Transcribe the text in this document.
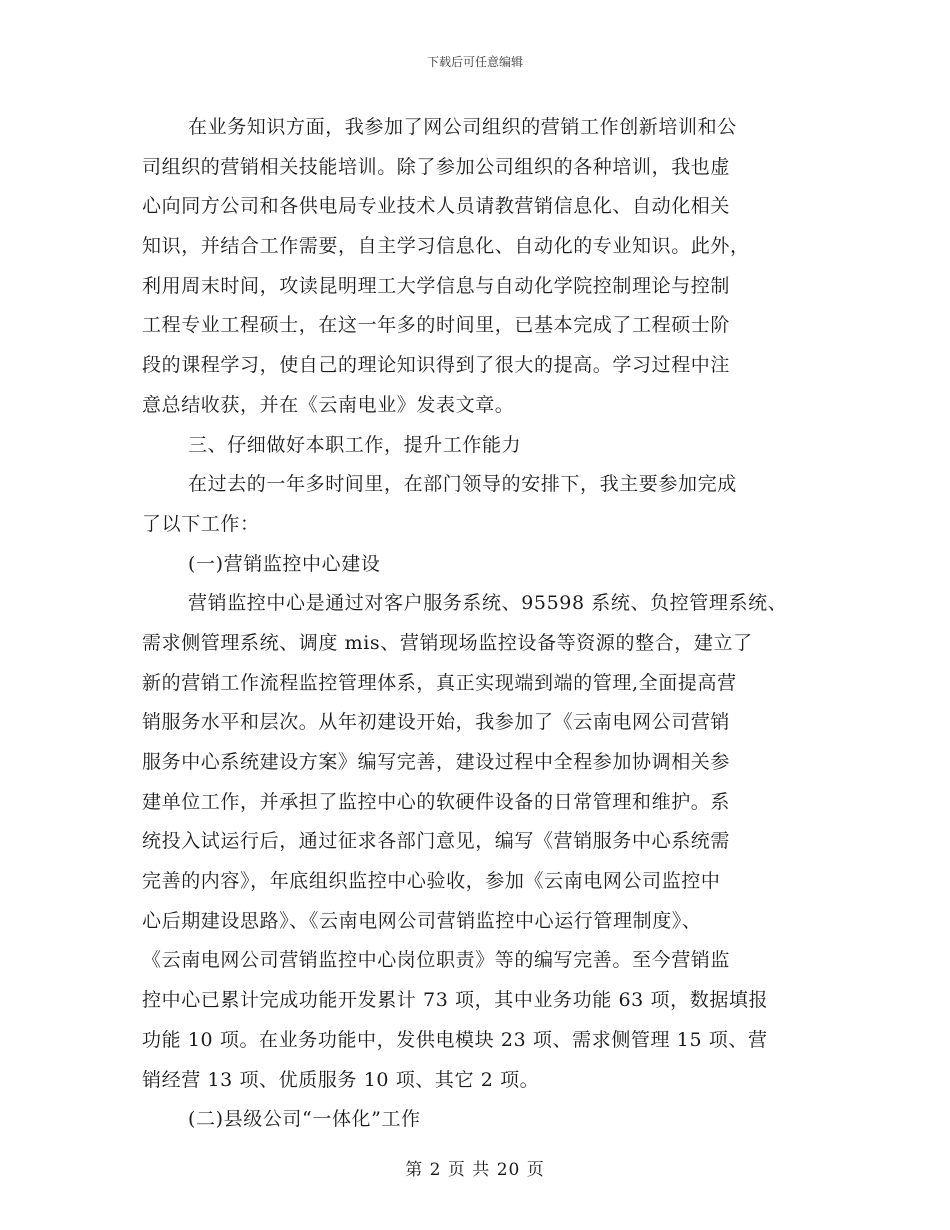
下载后可任意编辑
在业务知识方面，我参加了网公司组织的营销工作创新培训和公
司组织的营销相关技能培训。除了参加公司组织的各种培训，我也虚
心向同方公司和各供电局专业技术人员请教营销信息化、自动化相关
知识，并结合工作需要，自主学习信息化、自动化的专业知识。此外，
利用周末时间，攻读昆明理工大学信息与自动化学院控制理论与控制
工程专业工程硕士，在这一年多的时间里，已基本完成了工程硕士阶
段的课程学习，使自己的理论知识得到了很大的提高。学习过程中注
意总结收获，并在《云南电业》发表文章。
三、仔细做好本职工作，提升工作能力
在过去的一年多时间里，在部门领导的安排下，我主要参加完成
了以下工作：
(一)营销监控中心建设
营销监控中心是通过对客户服务系统、95598 系统、负控管理系统、
需求侧管理系统、调度 mis、营销现场监控设备等资源的整合，建立了
新的营销工作流程监控管理体系，真正实现端到端的管理,全面提高营
销服务水平和层次。从年初建设开始，我参加了《云南电网公司营销
服务中心系统建设方案》编写完善，建设过程中全程参加协调相关参
建单位工作，并承担了监控中心的软硬件设备的日常管理和维护。系
统投入试运行后，通过征求各部门意见，编写《营销服务中心系统需
完善的内容》，年底组织监控中心验收，参加《云南电网公司监控中
心后期建设思路》、《云南电网公司营销监控中心运行管理制度》、
《云南电网公司营销监控中心岗位职责》等的编写完善。至今营销监
控中心已累计完成功能开发累计 73 项，其中业务功能 63 项，数据填报
功能 10 项。在业务功能中，发供电模块 23 项、需求侧管理 15 项、营
销经营 13 项、优质服务 10 项、其它 2 项。
(二)县级公司“一体化”工作
第 2 页 共 20 页
